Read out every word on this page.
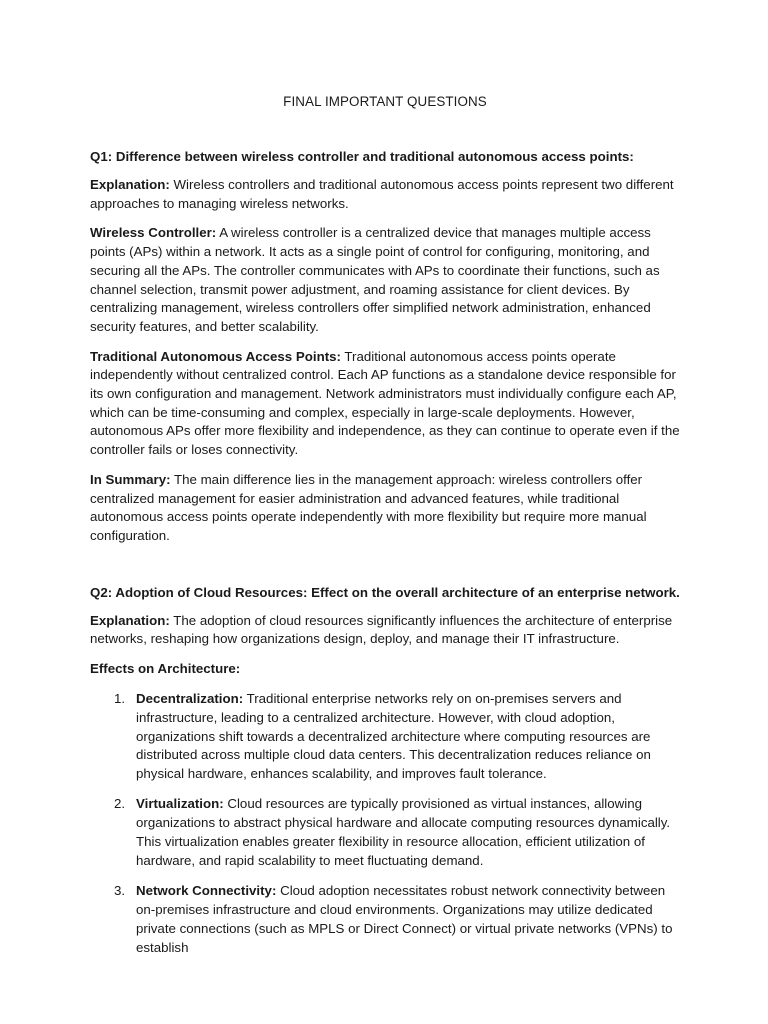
FINAL IMPORTANT QUESTIONS
Q1: Difference between wireless controller and traditional autonomous access points:

Explanation: Wireless controllers and traditional autonomous access points represent two different approaches to managing wireless networks.

Wireless Controller: A wireless controller is a centralized device that manages multiple access points (APs) within a network. It acts as a single point of control for configuring, monitoring, and securing all the APs. The controller communicates with APs to coordinate their functions, such as channel selection, transmit power adjustment, and roaming assistance for client devices. By centralizing management, wireless controllers offer simplified network administration, enhanced security features, and better scalability.

Traditional Autonomous Access Points: Traditional autonomous access points operate independently without centralized control. Each AP functions as a standalone device responsible for its own configuration and management. Network administrators must individually configure each AP, which can be time-consuming and complex, especially in large-scale deployments. However, autonomous APs offer more flexibility and independence, as they can continue to operate even if the controller fails or loses connectivity.

In Summary: The main difference lies in the management approach: wireless controllers offer centralized management for easier administration and advanced features, while traditional autonomous access points operate independently with more flexibility but require more manual configuration.

Q2: Adoption of Cloud Resources: Effect on the overall architecture of an enterprise network.

Explanation: The adoption of cloud resources significantly influences the architecture of enterprise networks, reshaping how organizations design, deploy, and manage their IT infrastructure.

Effects on Architecture:

1. Decentralization: Traditional enterprise networks rely on on-premises servers and infrastructure, leading to a centralized architecture. However, with cloud adoption, organizations shift towards a decentralized architecture where computing resources are distributed across multiple cloud data centers. This decentralization reduces reliance on physical hardware, enhances scalability, and improves fault tolerance.
2. Virtualization: Cloud resources are typically provisioned as virtual instances, allowing organizations to abstract physical hardware and allocate computing resources dynamically. This virtualization enables greater flexibility in resource allocation, efficient utilization of hardware, and rapid scalability to meet fluctuating demand.
3. Network Connectivity: Cloud adoption necessitates robust network connectivity between on-premises infrastructure and cloud environments. Organizations may utilize dedicated private connections (such as MPLS or Direct Connect) or virtual private networks (VPNs) to establish
